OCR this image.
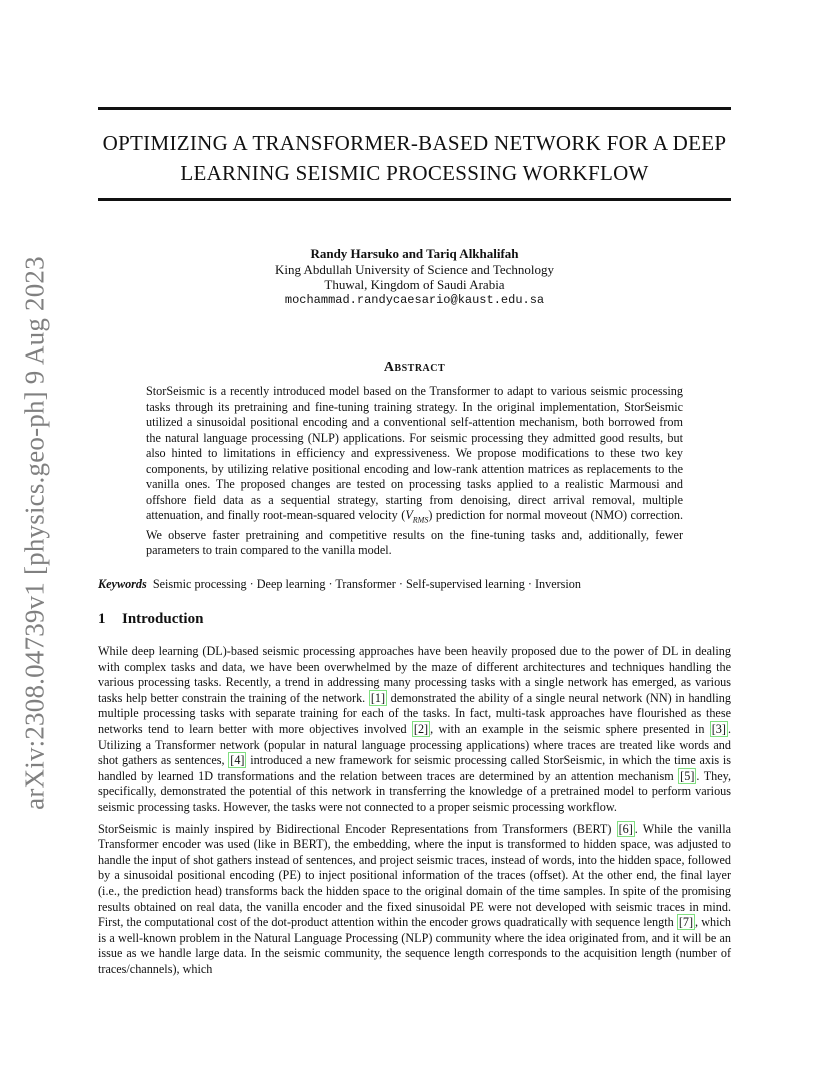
arXiv:2308.04739v1 [physics.geo-ph] 9 Aug 2023
OPTIMIZING A TRANSFORMER-BASED NETWORK FOR A DEEP
LEARNING SEISMIC PROCESSING WORKFLOW
Randy Harsuko and Tariq Alkhalifah
King Abdullah University of Science and Technology
Thuwal, Kingdom of Saudi Arabia
mochammad.randycaesario@kaust.edu.sa
Abstract
StorSeismic is a recently introduced model based on the Transformer to adapt to various seismic processing tasks through its pretraining and fine-tuning training strategy. In the original implementation, StorSeismic utilized a sinusoidal positional encoding and a conventional self-attention mechanism, both borrowed from the natural language processing (NLP) applications. For seismic processing they admitted good results, but also hinted to limitations in efficiency and expressiveness. We propose modifications to these two key components, by utilizing relative positional encoding and low-rank attention matrices as replacements to the vanilla ones. The proposed changes are tested on processing tasks applied to a realistic Marmousi and offshore field data as a sequential strategy, starting from denoising, direct arrival removal, multiple attenuation, and finally root-mean-squared velocity $(V_{RMS})$ prediction for normal moveout (NMO) correction. We observe faster pretraining and competitive results on the fine-tuning tasks and, additionally, fewer parameters to train compared to the vanilla model.
Keywords Seismic processing · Deep learning · Transformer · Self-supervised learning · Inversion
1 Introduction

While deep learning (DL)-based seismic processing approaches have been heavily proposed due to the power of DL in dealing with complex tasks and data, we have been overwhelmed by the maze of different architectures and techniques handling the various processing tasks. Recently, a trend in addressing many processing tasks with a single network has emerged, as various tasks help better constrain the training of the network. [1] demonstrated the ability of a single neural network (NN) in handling multiple processing tasks with separate training for each of the tasks. In fact, multi-task approaches have flourished as these networks tend to learn better with more objectives involved [2] , with an example in the seismic sphere presented in [3] . Utilizing a Transformer network (popular in natural language processing applications) where traces are treated like words and shot gathers as sentences, [4] introduced a new framework for seismic processing called StorSeismic, in which the time axis is handled by learned 1D transformations and the relation between traces are determined by an attention mechanism [5] . They, specifically, demonstrated the potential of this network in transferring the knowledge of a pretrained model to perform various seismic processing tasks. However, the tasks were not connected to a proper seismic processing workflow.

StorSeismic is mainly inspired by Bidirectional Encoder Representations from Transformers (BERT) [6] . While the vanilla Transformer encoder was used (like in BERT), the embedding, where the input is transformed to hidden space, was adjusted to handle the input of shot gathers instead of sentences, and project seismic traces, instead of words, into the hidden space, followed by a sinusoidal positional encoding (PE) to inject positional information of the traces (offset). At the other end, the final layer (i.e., the prediction head) transforms back the hidden space to the original domain of the time samples. In spite of the promising results obtained on real data, the vanilla encoder and the fixed sinusoidal PE were not developed with seismic traces in mind. First, the computational cost of the dot-product attention within the encoder grows quadratically with sequence length [7] , which is a well-known problem in the Natural Language Processing (NLP) community where the idea originated from, and it will be an issue as we handle large data. In the seismic community, the sequence length corresponds to the acquisition length (number of traces/channels), which
